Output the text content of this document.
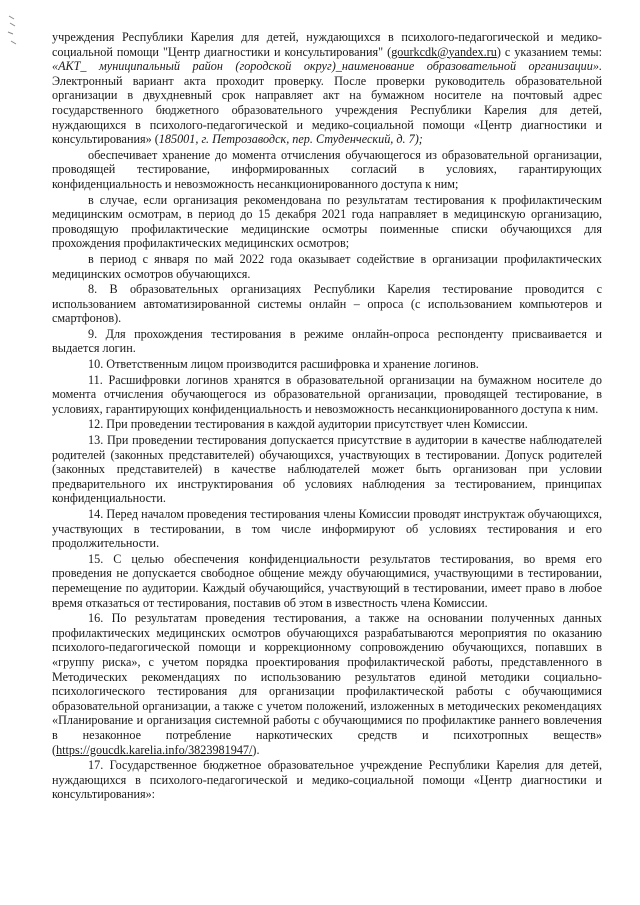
учреждения Республики Карелия для детей, нуждающихся в психолого-педагогической и медико-социальной помощи "Центр диагностики и консультирования" (gourkcdk@yandex.ru) с указанием темы: «АКТ_ муниципальный район (городской округ)_наименование образовательной организации». Электронный вариант акта проходит проверку. После проверки руководитель образовательной организации в двухдневный срок направляет акт на бумажном носителе на почтовый адрес государственного бюджетного образовательного учреждения Республики Карелия для детей, нуждающихся в психолого-педагогической и медико-социальной помощи «Центр диагностики и консультирования» (185001, г. Петрозаводск, пер. Студенческий, д. 7);

обеспечивает хранение до момента отчисления обучающегося из образовательной организации, проводящей тестирование, информированных согласий в условиях, гарантирующих конфиденциальность и невозможность несанкционированного доступа к ним;

в случае, если организация рекомендована по результатам тестирования к профилактическим медицинским осмотрам, в период до 15 декабря 2021 года направляет в медицинскую организацию, проводящую профилактические медицинские осмотры поименные списки обучающихся для прохождения профилактических медицинских осмотров;

в период с января по май 2022 года оказывает содействие в организации профилактических медицинских осмотров обучающихся.

8. В образовательных организациях Республики Карелия тестирование проводится с использованием автоматизированной системы онлайн – опроса (с использованием компьютеров и смартфонов).

9. Для прохождения тестирования в режиме онлайн-опроса респонденту присваивается и выдается логин.

10. Ответственным лицом производится расшифровка и хранение логинов.

11. Расшифровки логинов хранятся в образовательной организации на бумажном носителе до момента отчисления обучающегося из образовательной организации, проводящей тестирование, в условиях, гарантирующих конфиденциальность и невозможность несанкционированного доступа к ним.

12. При проведении тестирования в каждой аудитории присутствует член Комиссии.

13. При проведении тестирования допускается присутствие в аудитории в качестве наблюдателей родителей (законных представителей) обучающихся, участвующих в тестировании. Допуск родителей (законных представителей) в качестве наблюдателей может быть организован при условии предварительного их инструктирования об условиях наблюдения за тестированием, принципах конфиденциальности.

14. Перед началом проведения тестирования члены Комиссии проводят инструктаж обучающихся, участвующих в тестировании, в том числе информируют об условиях тестирования и его продолжительности.

15. С целью обеспечения конфиденциальности результатов тестирования, во время его проведения не допускается свободное общение между обучающимися, участвующими в тестировании, перемещение по аудитории. Каждый обучающийся, участвующий в тестировании, имеет право в любое время отказаться от тестирования, поставив об этом в известность члена Комиссии.

16. По результатам проведения тестирования, а также на основании полученных данных профилактических медицинских осмотров обучающихся разрабатываются мероприятия по оказанию психолого-педагогической помощи и коррекционному сопровождению обучающихся, попавших в «группу риска», с учетом порядка проектирования профилактической работы, представленного в Методических рекомендациях по использованию результатов единой методики социально-психологического тестирования для организации профилактической работы с обучающимися образовательной организации, а также с учетом положений, изложенных в методических рекомендациях «Планирование и организация системной работы с обучающимися по профилактике раннего вовлечения в незаконное потребление наркотических средств и психотропных веществ» (https://goucdk.karelia.info/3823981947/).

17. Государственное бюджетное образовательное учреждение Республики Карелия для детей, нуждающихся в психолого-педагогической и медико-социальной помощи «Центр диагностики и консультирования»:
